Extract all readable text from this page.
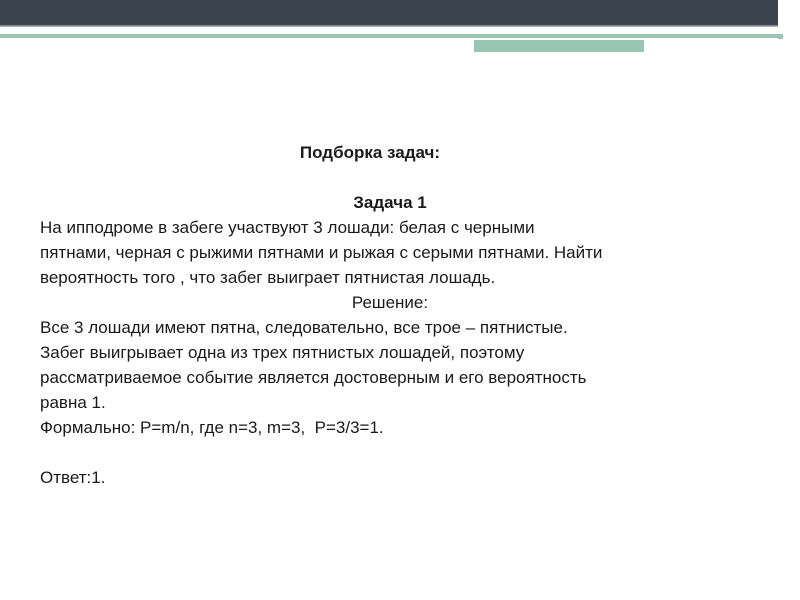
Подборка задач:

Задача 1

На ипподроме в забеге участвуют 3 лошади: белая с черными

пятнами, черная с рыжими пятнами и рыжая с серыми пятнами. Найти

вероятность того , что забег выиграет пятнистая лошадь.

Решение:

Все 3 лошади имеют пятна, следовательно, все трое – пятнистые.

Забег выигрывает одна из трех пятнистых лошадей, поэтому

рассматриваемое событие является достоверным и его вероятность

равна 1.

Формально: P=m/n, где n=3, m=3,  P=3/3=1.

Ответ:1.
